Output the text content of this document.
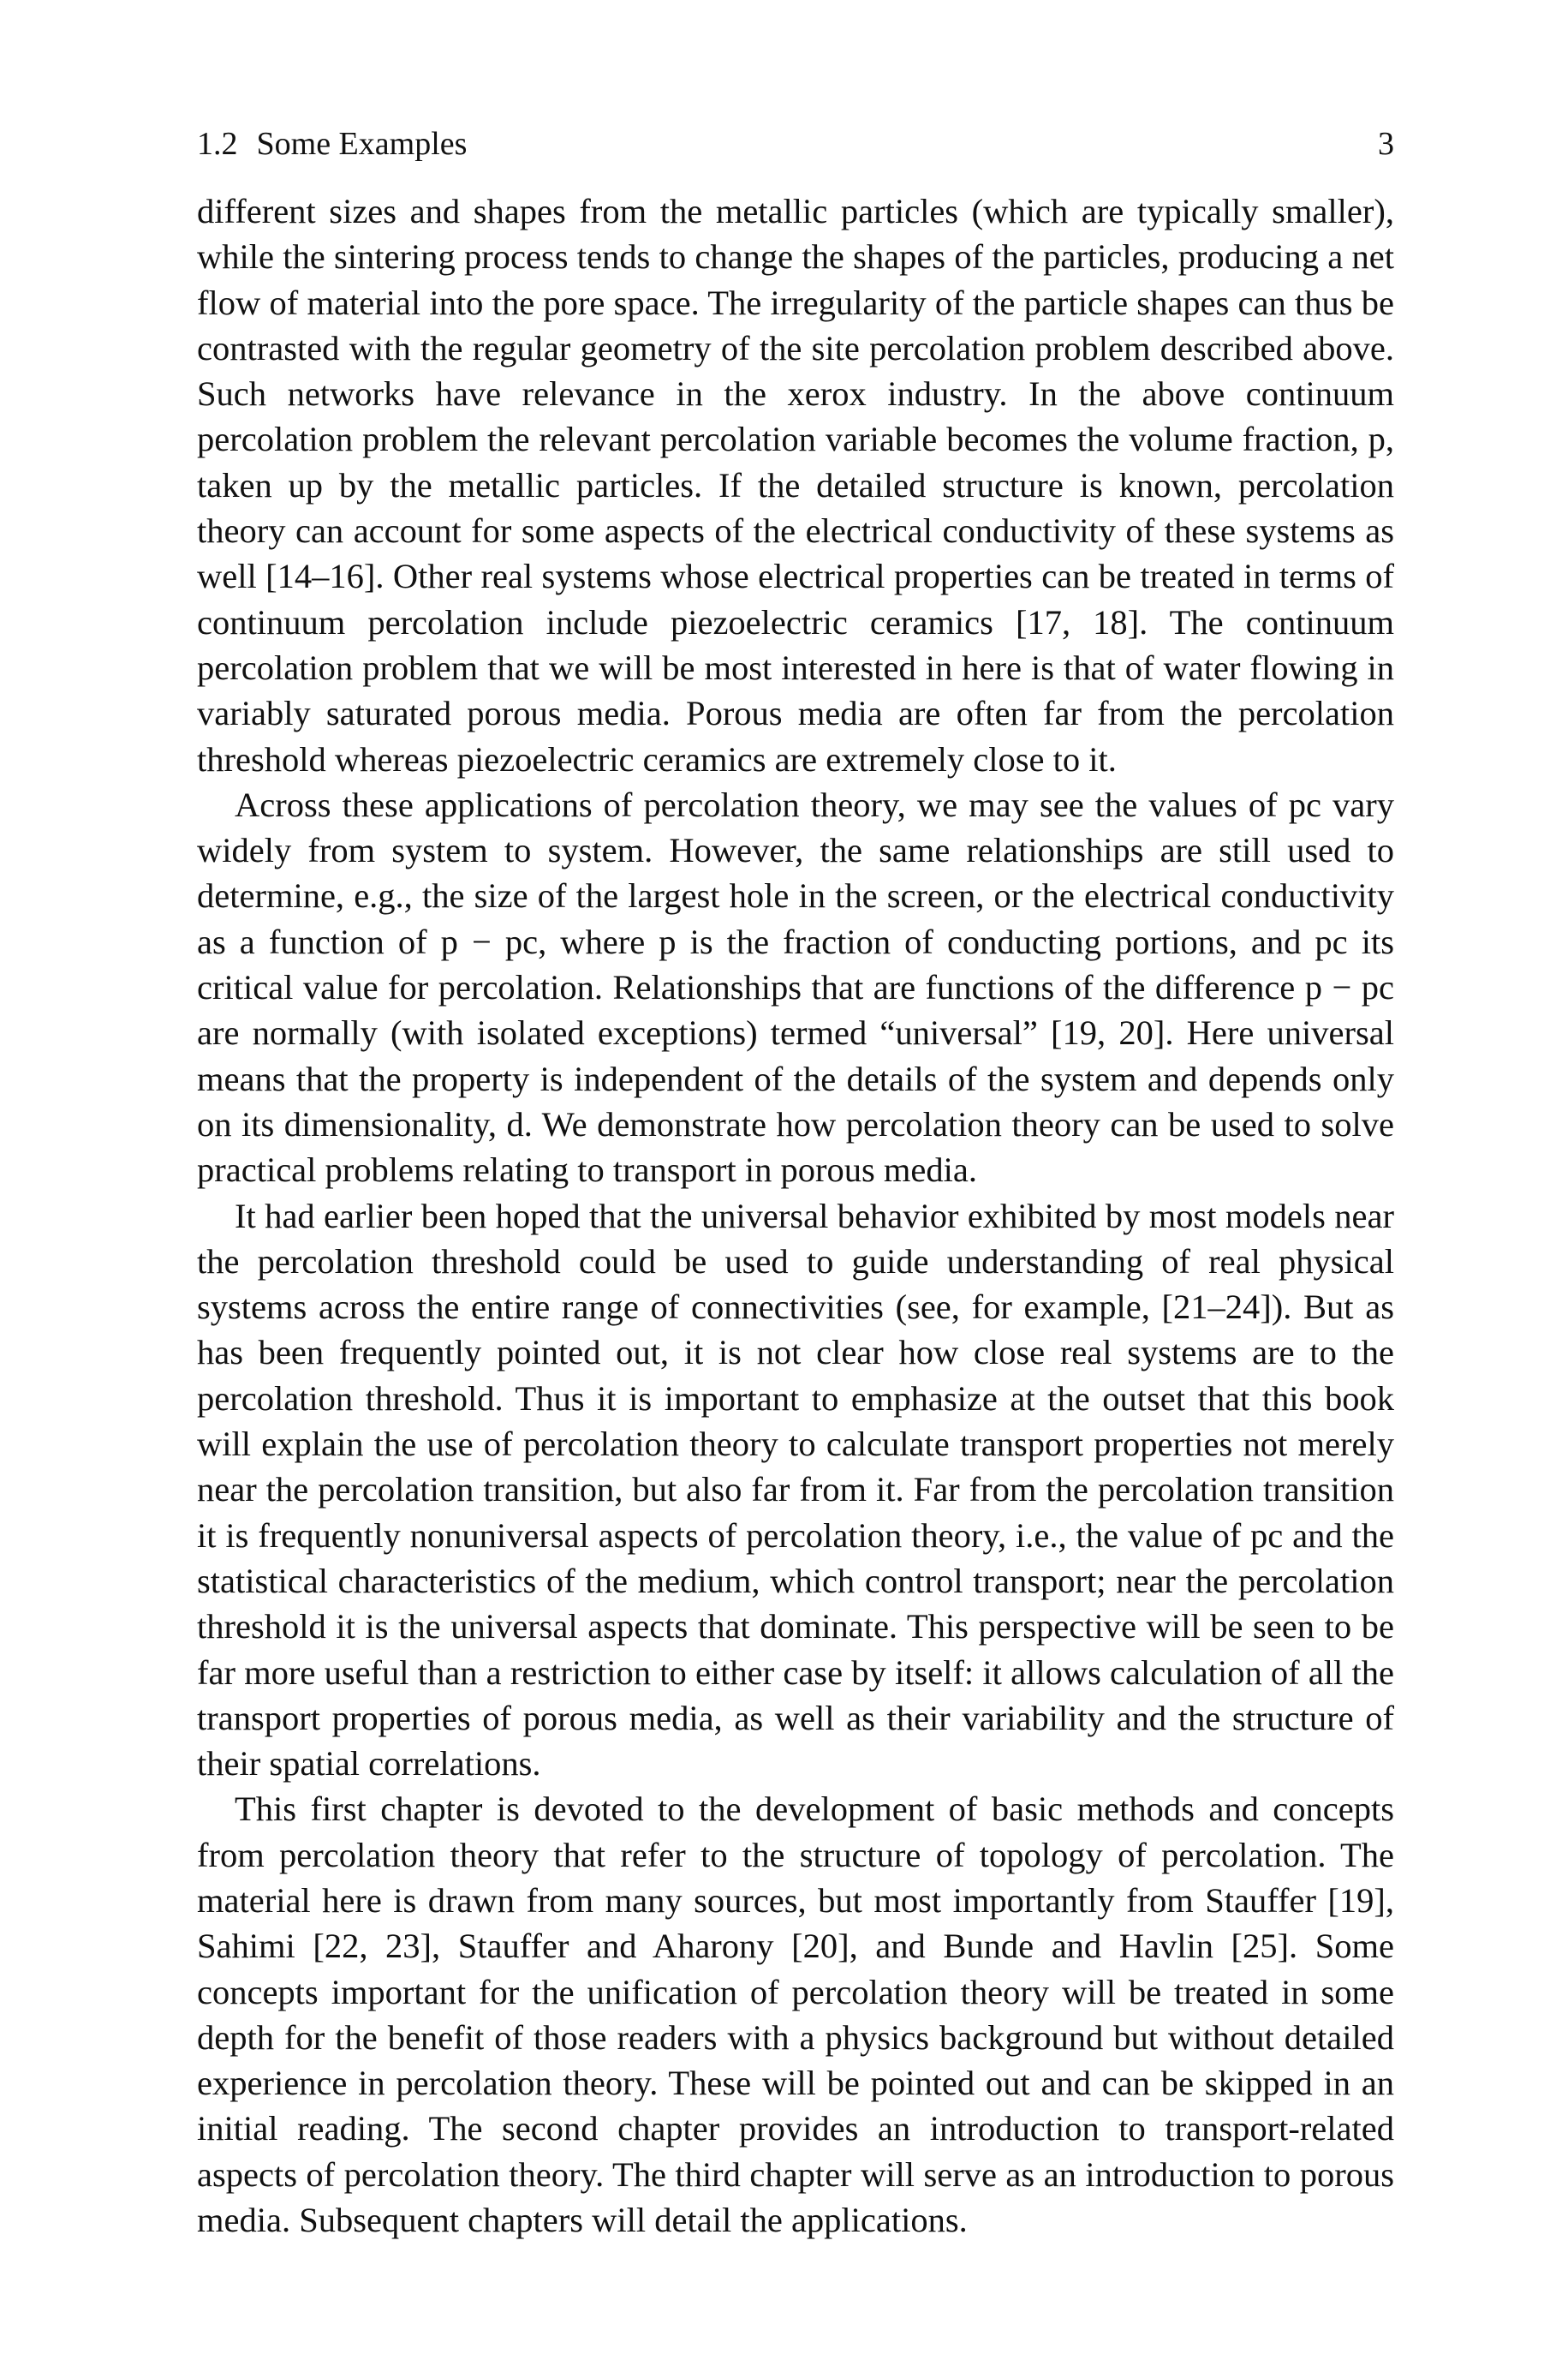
1.2 Some Examples	3

different sizes and shapes from the metallic particles (which are typically smaller), while the sintering process tends to change the shapes of the particles, producing a net flow of material into the pore space. The irregularity of the particle shapes can thus be contrasted with the regular geometry of the site percolation problem described above. Such networks have relevance in the xerox industry. In the above continuum percolation problem the relevant percolation variable becomes the volume fraction, p, taken up by the metallic particles. If the detailed structure is known, percolation theory can account for some aspects of the electrical conductivity of these systems as well [14–16]. Other real systems whose electrical properties can be treated in terms of continuum percolation include piezoelectric ceramics [17, 18]. The continuum percolation problem that we will be most interested in here is that of water flowing in variably saturated porous media. Porous media are often far from the percolation threshold whereas piezoelectric ceramics are extremely close to it.

Across these applications of percolation theory, we may see the values of pc vary widely from system to system. However, the same relationships are still used to determine, e.g., the size of the largest hole in the screen, or the electrical conductivity as a function of p − pc, where p is the fraction of conducting portions, and pc its critical value for percolation. Relationships that are functions of the difference p − pc are normally (with isolated exceptions) termed “universal” [19, 20]. Here universal means that the property is independent of the details of the system and depends only on its dimensionality, d. We demonstrate how percolation theory can be used to solve practical problems relating to transport in porous media.

It had earlier been hoped that the universal behavior exhibited by most models near the percolation threshold could be used to guide understanding of real physical systems across the entire range of connectivities (see, for example, [21–24]). But as has been frequently pointed out, it is not clear how close real systems are to the percolation threshold. Thus it is important to emphasize at the outset that this book will explain the use of percolation theory to calculate transport properties not merely near the percolation transition, but also far from it. Far from the percolation transition it is frequently nonuniversal aspects of percolation theory, i.e., the value of pc and the statistical characteristics of the medium, which control transport; near the percolation threshold it is the universal aspects that dominate. This perspective will be seen to be far more useful than a restriction to either case by itself: it allows calculation of all the transport properties of porous media, as well as their variability and the structure of their spatial correlations.

This first chapter is devoted to the development of basic methods and concepts from percolation theory that refer to the structure of topology of percolation. The material here is drawn from many sources, but most importantly from Stauffer [19], Sahimi [22, 23], Stauffer and Aharony [20], and Bunde and Havlin [25]. Some concepts important for the unification of percolation theory will be treated in some depth for the benefit of those readers with a physics background but without detailed experience in percolation theory. These will be pointed out and can be skipped in an initial reading. The second chapter provides an introduction to transport-related aspects of percolation theory. The third chapter will serve as an introduction to porous media. Subsequent chapters will detail the applications.
